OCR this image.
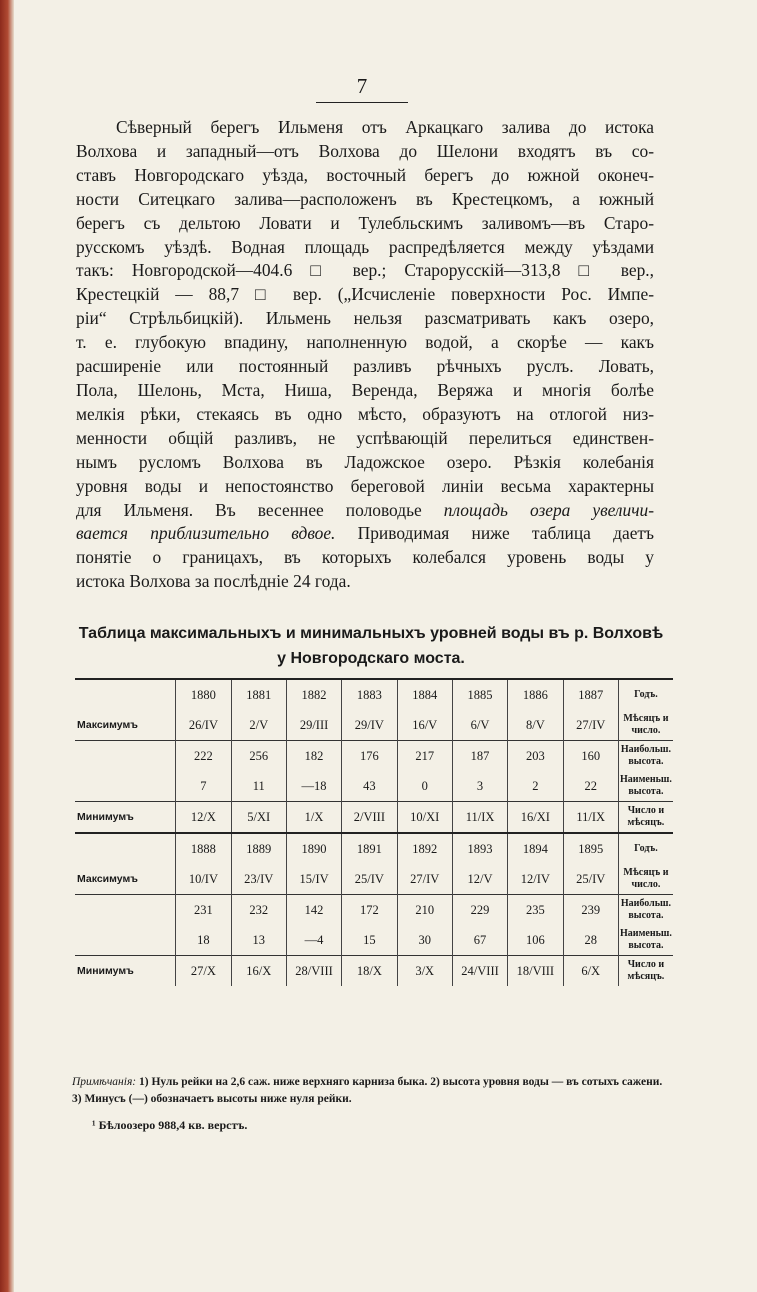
7
Сѣверный берегъ Ильменя отъ Аркацкаго залива до истока
Волхова и западный—отъ Волхова до Шелони входятъ въ со-
ставъ Новгородскаго уѣзда, восточный берегъ до южной оконеч-
ности Ситецкаго залива—расположенъ въ Крестецкомъ, а южный
берегъ съ дельтою Ловати и Тулебльскимъ заливомъ—въ Старо-
русскомъ уѣздѣ. Водная площадь распредѣляется между уѣздами
такъ: Новгородской—404.6 □ вер.; Старорусскій—313,8 □ вер.,
Крестецкій — 88,7 □ вер. („Исчисленіе поверхности Рос. Импе-
ріи“ Стрѣльбицкій). Ильмень нельзя разсматривать какъ озеро,
т. е. глубокую впадину, наполненную водой, а скорѣе — какъ
расширеніе или постоянный разливъ рѣчныхъ руслъ. Ловать,
Пола, Шелонь, Мста, Ниша, Веренда, Веряжа и многія болѣе
мелкія рѣки, стекаясь въ одно мѣсто, образуютъ на отлогой низ-
менности общій разливъ, не успѣвающій перелиться единствен-
нымъ русломъ Волхова въ Ладожское озеро. Рѣзкія колебанія
уровня воды и непостоянство береговой линіи весьма характерны
для Ильменя. Въ весеннее половодье площадь озера увеличи-
вается приблизительно вдвое. Приводимая ниже таблица даетъ
понятіе о границахъ, въ которыхъ колебался уровень воды у
истока Волхова за послѣдніе 24 года.
Таблица максимальныхъ и минимальныхъ уровней воды въ р. Волховѣ
у Новгородскаго моста.
	1880	1881	1882	1883	1884	1885	1886	1887	Годъ.
Максимумъ	26/IV	2/V	29/III	29/IV	16/V	6/V	8/V	27/IV	Мѣсяцъ и число.
	222	256	182	176	217	187	203	160	Наибольш. высота.
	7	11	—18	43	0	3	2	22	Наименьш. высота.
Минимумъ	12/X	5/XI	1/X	2/VIII	10/XI	11/IX	16/XI	11/IX	Число и мѣсяцъ.
	1888	1889	1890	1891	1892	1893	1894	1895	Годъ.
Максимумъ	10/IV	23/IV	15/IV	25/IV	27/IV	12/V	12/IV	25/IV	Мѣсяцъ и число.
	231	232	142	172	210	229	235	239	Наибольш. высота.
	18	13	—4	15	30	67	106	28	Наименьш. высота.
Минимумъ	27/X	16/X	28/VIII	18/X	3/X	24/VIII	18/VIII	6/X	Число и мѣсяцъ.
Примѣчанія: 1) Нуль рейки на 2,6 саж. ниже верхняго карниза быка. 2) высота уровня воды — въ сотыхъ сажени. 3) Минусъ (—) обозначаетъ высоты ниже нуля рейки.
¹ Бѣлоозеро 988,4 кв. верстъ.
